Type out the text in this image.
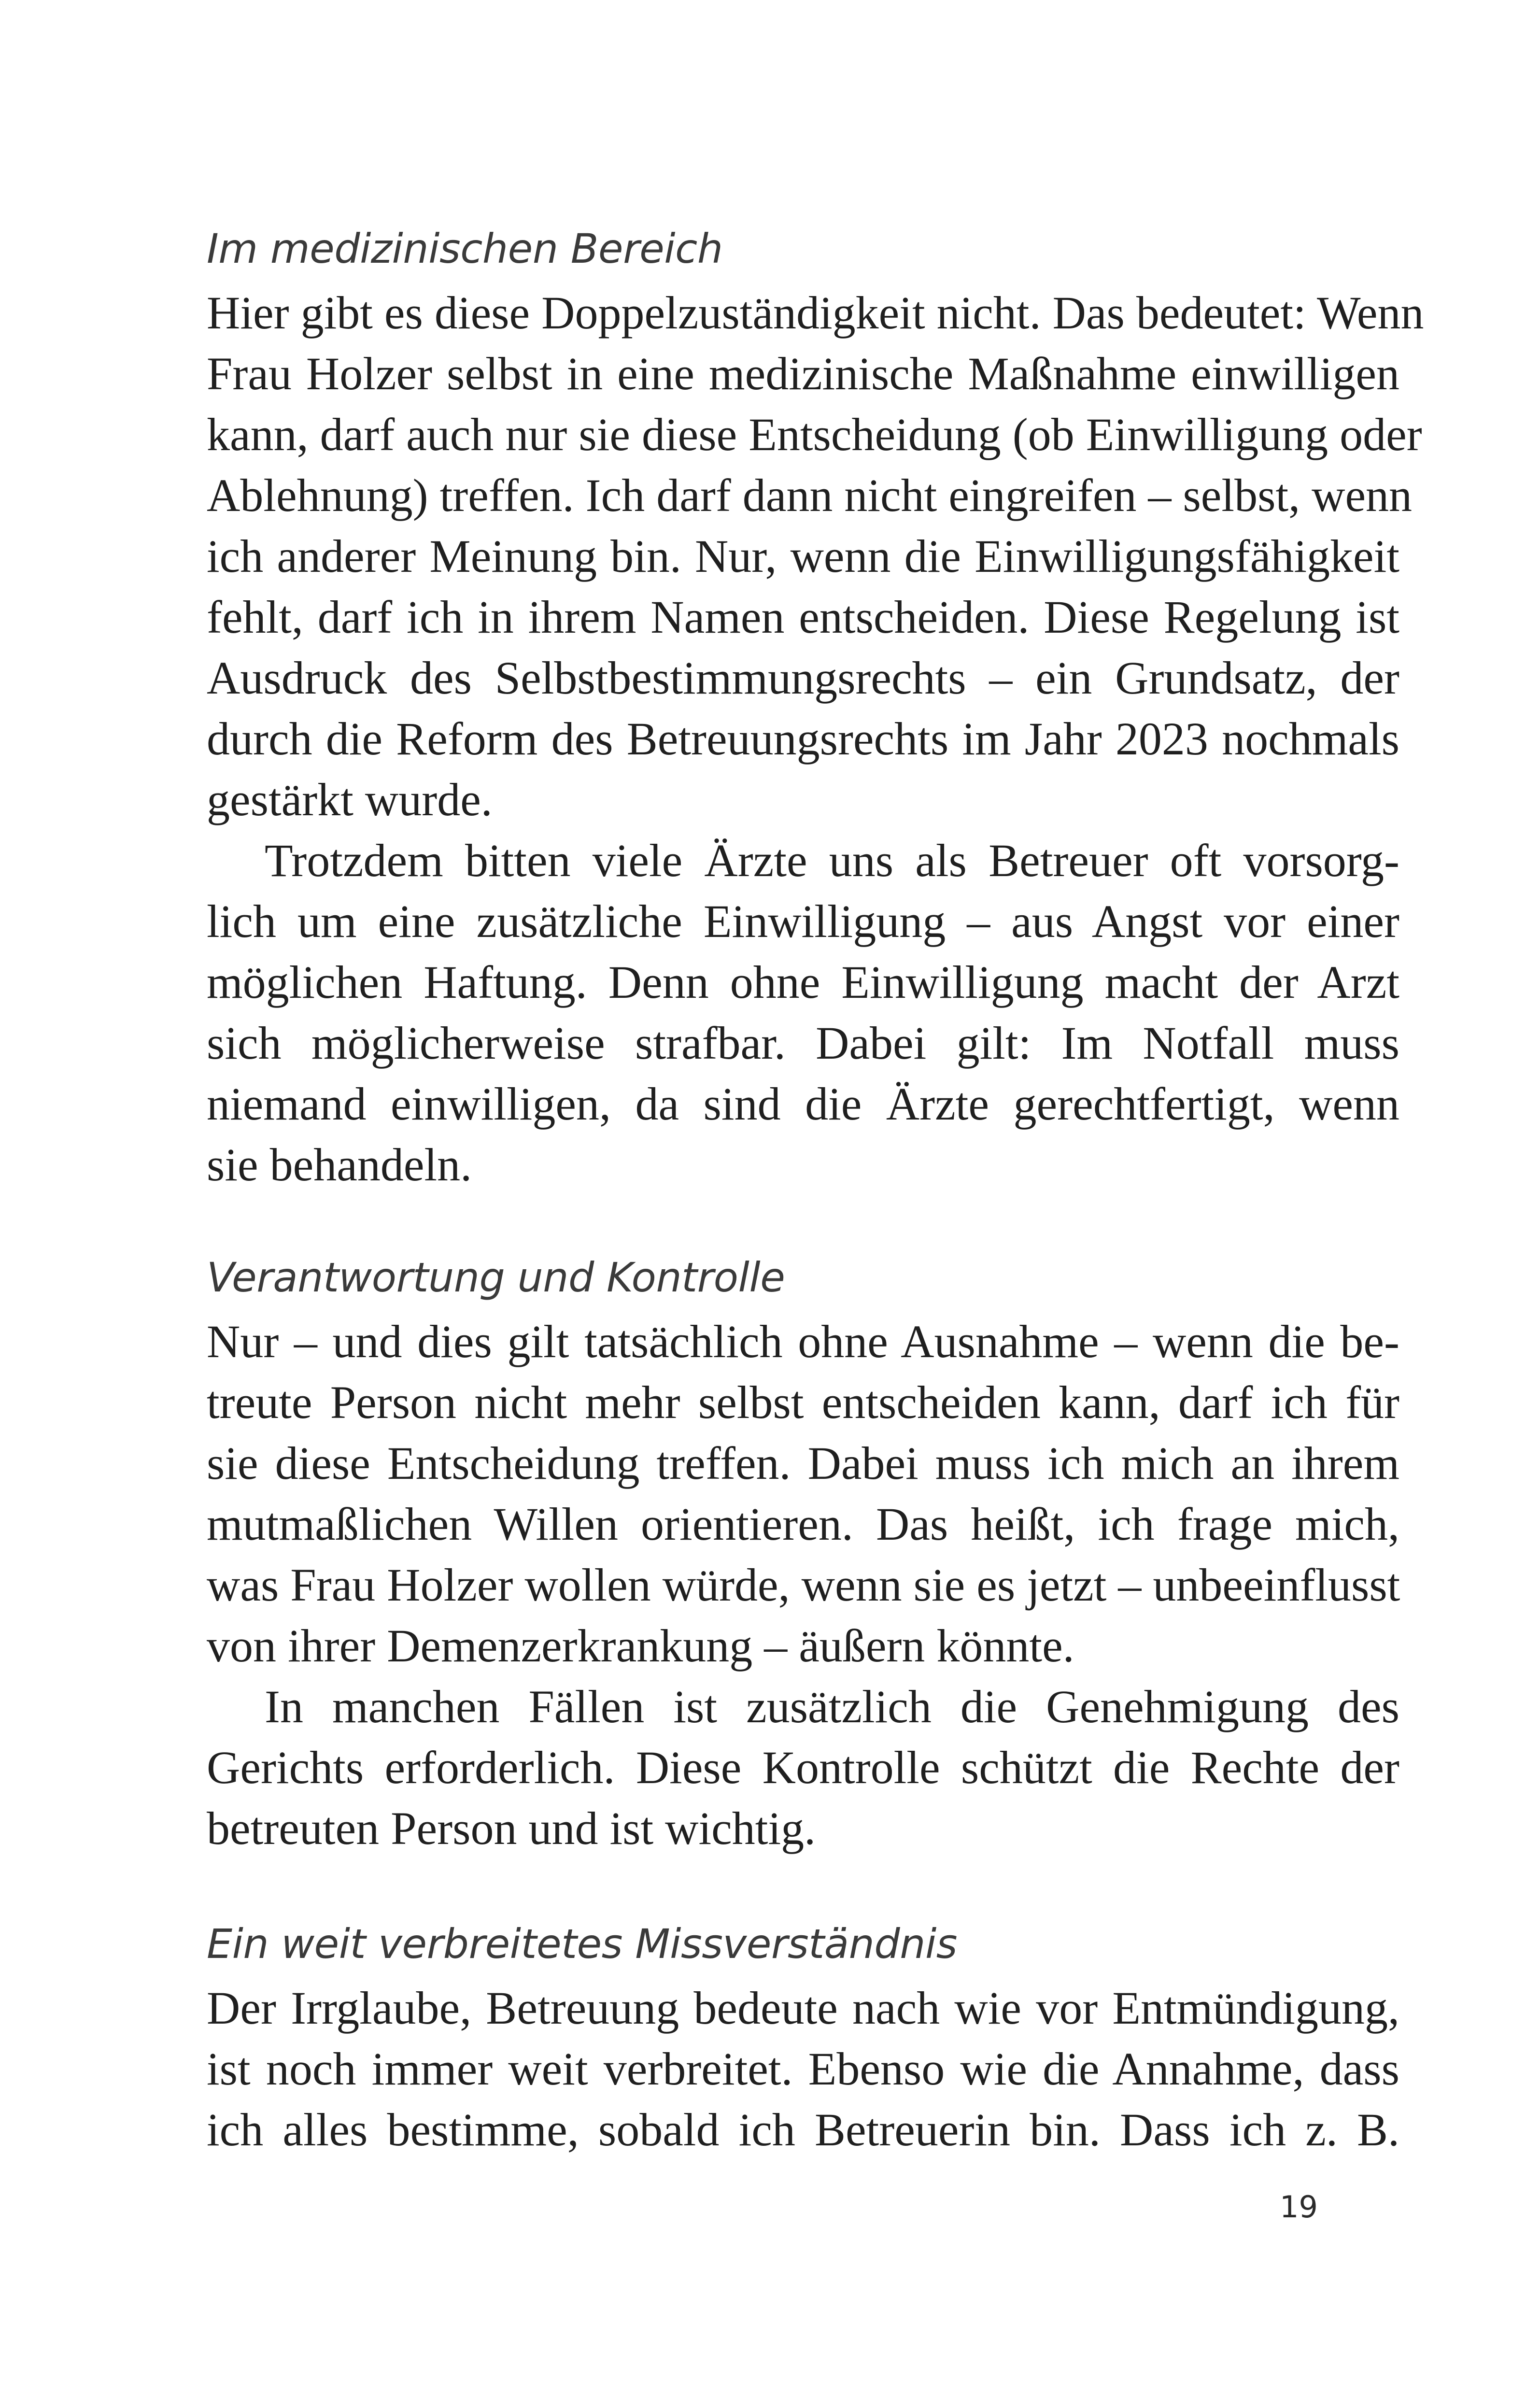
Im medizinischen Bereich
Hier gibt es diese Doppelzuständigkeit nicht. Das bedeutet: Wenn
Frau Holzer selbst in eine medizinische Maßnahme einwilligen
kann, darf auch nur sie diese Entscheidung (ob Einwilligung oder
Ablehnung) treffen. Ich darf dann nicht eingreifen – selbst, wenn
ich anderer Meinung bin. Nur, wenn die Einwilligungsfähigkeit
fehlt, darf ich in ihrem Namen entscheiden. Diese Regelung ist
Ausdruck des Selbstbestimmungsrechts – ein Grundsatz, der
durch die Reform des Betreuungsrechts im Jahr 2023 nochmals
gestärkt wurde.
Trotzdem bitten viele Ärzte uns als Betreuer oft vorsorg-
lich um eine zusätzliche Einwilligung – aus Angst vor einer
möglichen Haftung. Denn ohne Einwilligung macht der Arzt
sich möglicherweise strafbar. Dabei gilt: Im Notfall muss
niemand einwilligen, da sind die Ärzte gerechtfertigt, wenn
sie behandeln.
Verantwortung und Kontrolle
Nur – und dies gilt tatsächlich ohne Ausnahme – wenn die be-
treute Person nicht mehr selbst entscheiden kann, darf ich für
sie diese Entscheidung treffen. Dabei muss ich mich an ihrem
mutmaßlichen Willen orientieren. Das heißt, ich frage mich,
was Frau Holzer wollen würde, wenn sie es jetzt – unbeeinflusst
von ihrer Demenzerkrankung – äußern könnte.
In manchen Fällen ist zusätzlich die Genehmigung des
Gerichts erforderlich. Diese Kontrolle schützt die Rechte der
betreuten Person und ist wichtig.
Ein weit verbreitetes Missverständnis
Der Irrglaube, Betreuung bedeute nach wie vor Entmündigung,
ist noch immer weit verbreitet. Ebenso wie die Annahme, dass
ich alles bestimme, sobald ich Betreuerin bin. Dass ich z. B.
19
